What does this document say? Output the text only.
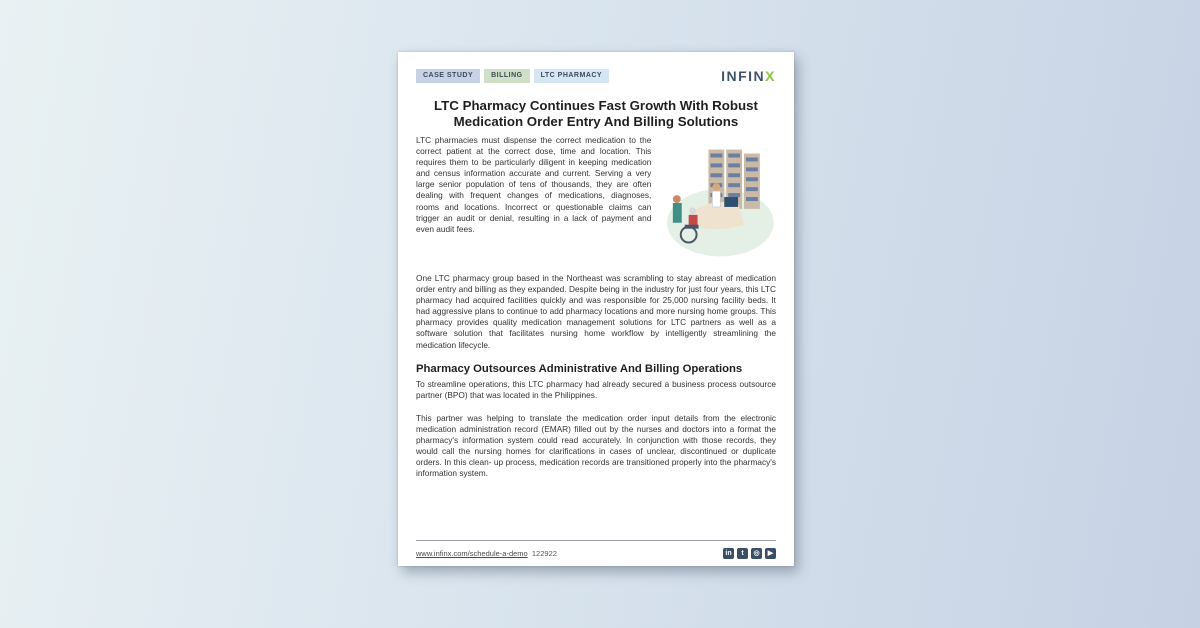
CASE STUDY	BILLING	LTC PHARMACY	INFINX
LTC Pharmacy Continues Fast Growth With Robust
Medication Order Entry And Billing Solutions

LTC pharmacies must dispense the correct medication to the correct patient at the correct dose, time and location. This requires them to be particularly diligent in keeping medication and census information accurate and current. Serving a very large senior population of tens of thousands, they are often dealing with frequent changes of medications, diagnoses, rooms and locations. Incorrect or questionable claims can trigger an audit or denial, resulting in a lack of payment and even audit fees.

One LTC pharmacy group based in the Northeast was scrambling to stay abreast of medication order entry and billing as they expanded. Despite being in the industry for just four years, this LTC pharmacy had acquired facilities quickly and was responsible for 25,000 nursing facility beds. It had aggressive plans to continue to add pharmacy locations and more nursing home groups. This pharmacy provides quality medication management solutions for LTC partners as well as a software solution that facilitates nursing home workflow by intelligently streamlining the medication lifecycle.

Pharmacy Outsources Administrative And Billing Operations

To streamline operations, this LTC pharmacy had already secured a business process outsource partner (BPO) that was located in the Philippines.

This partner was helping to translate the medication order input details from the electronic medication administration record (EMAR) filled out by the nurses and doctors into a format the pharmacy's information system could read accurately. In conjunction with those records, they would call the nursing homes for clarifications in cases of unclear, discontinued or duplicate orders. In this clean- up process, medication records are transitioned properly into the pharmacy's information system.

www.infinx.com/schedule-a-demo 122922	in	t	◎	▶
